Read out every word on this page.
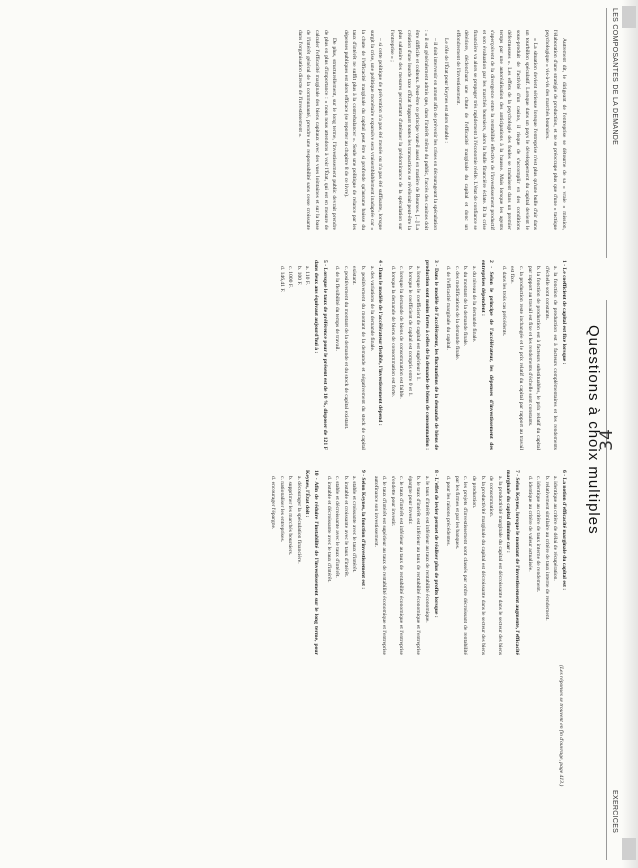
LES COMPOSANTES DE LA DEMANDE
EXERCICES

Autrement dit, le dirigeant de l'entreprise se détourne de sa « vraie » mission, l'élaboration d'une stratégie de production, et ne se préoccupe plus que d'une « tactique psychologique » vis-à-vis des marchés boursiers.

« La situation devient sérieuse lorsque l'entreprise n'est plus qu'une bulle d'air dans un tourbillon spéculatif. Lorsque dans un pays le développement du capital devient le sous-produit de l'activité d'un casino, il risque de s'accomplir en des conditions défectueuses ». Les effets de la psychologie des foules se traduisent dans un premier temps par une autoréalisation des anticipations à la hausse. Mais lorsque les agents s'aperçoivent de la divergence entre la rentabilité effective de l'investissement productif et son évaluation par les marchés boursiers, alors la bulle financière éclate. Et la crise financière va alors se propager très rapidement à l'économie réelle. L'état de confiance se détériore, déclenchant une chute de l'efficacité marginale du capital et donc un effondrement de l'investissement.

Le rôle de l'État pour Keynes est alors double :

– il doit intervenir en amont afin de prévenir les crises en décourageant la spéculation : « il est généralement admis que, dans l'intérêt même du public, l'accès des casinos doit être difficile et coûteux. Peut-être ce principe vaut-il aussi en matière de Bourses. [...] La création d'une lourde taxe d'État frappant toutes les transactions se révélerait peut-être la plus salutaire des mesures permettant d'atténuer la prédominance de la spéculation sur l'entreprise » ;

– si cette politique de prévention n'a pas été menée ou n'a pas été suffisante, lorsque surgit la crise, une politique monétaire expansive sera vraisemblablement inadaptée car « la chute de l'efficacité marginale du capital peut être si profonde qu'aucune baisse du taux d'intérêt ne suffit plus à la contrebalancer ». Seule une politique de relance par les dépenses publiques est alors efficace (se reporter au chapitre 8 de ce livre).

De plus, structurellement, sur le long terme, l'investissement public devrait prendre de plus en plus d'importance : « nous nous attendons à voir l'État, qui est en mesure de calculer l'efficacité marginale des biens capitaux avec des vues lointaines et sur la base de l'intérêt général de la communauté, prendre une responsabilité sans cesse croissante dans l'organisation directe de l'investissement ».

Questions à choix multiples
1 - Le coefficient de capital est fixe lorsque :
a. la fonction de production est à facteurs complémentaires et les rendements d'échelle sont constants.
b. la fonction de production est à facteurs substituables, le prix relatif du capital par rapport au travail est fixe et les rendements d'échelle sont constants.
c. la production reste inchangée et le prix relatif du capital par rapport au travail est fixe.
d. dans les trois cas précédents.
2 - Selon le principe de l'accélérateur, les dépenses d'investissement des entreprises dépendent :
a. du niveau de la demande finale.
b. du montant de la demande finale.
c. des modifications de la demande finale.
d. de l'efficacité marginale du capital.
3 - Dans le modèle de l'accélérateur, les fluctuations de la demande de biens de production sont moins fortes à celles de la demande de biens de consommation :
a. lorsque le coefficient de capital est supérieur à 1.
b. lorsque le coefficient de capital est compris entre 0 et 1.
c. lorsque la demande de biens de consommation est faible.
d. lorsque la demande de biens de consommation est forte.
4 - Dans le modèle de l'accélérateur flexible, l'investissement dépend :
a. des variations de la demande finale.
b. positivement du montant de la demande et négativement du stock de capital existant.
c. positivement du montant de la demande et du stock de capital existant.
d. de la flexibilité du temps de travail.
5 - Lorsque le taux de préférence pour le présent est de 10 %, disposer de 121 F dans deux ans équivaut aujourd'hui à :
a. 110 F.
b. 100 F.
c. 1000 F.
d. 146,41 F.
6 - La notion d'efficacité marginale du capital est :
a. identique au critère de délai de récupération.
b. relativement similaire au critère de taux interne de rendement.
c. identique au critère de taux interne de rendement.
d. identique au critère de valeur actualisée.
7 - Selon Keynes, lorsque le montant de l'investissement augmente, l'efficacité marginale du capital diminue car :
a. la productivité marginale du capital est décroissante dans le secteur des biens de consommation.
b. la productivité marginale du capital est décroissante dans le secteur des biens de production.
c. les projets d'investissement sont classés par ordre décroissant de rentabilité par les firmes et par les banques.
d. pour les raisons précédentes.
8 - L'effet de levier permet de réaliser plus de profits lorsque :
a. le taux d'intérêt est inférieur au taux de rentabilité économique.
b. le taux d'intérêt est inférieur au taux de rentabilité économique et l'entreprise épargne pour investir.
c. le taux d'intérêt est inférieur au taux de rentabilité économique et l'entreprise s'endette pour investir.
d. le taux d'intérêt est supérieur au taux de rentabilité économique et l'entreprise autofinance son investissement.
9 - Selon Keynes, la fonction d'investissement est :
a. stable et croissante avec le taux d'intérêt.
b. instable et croissante avec le taux d'intérêt.
c. stable et décroissante avec le taux d'intérêt.
d. instable et décroissante avec le taux d'intérêt.
10 - Afin de réduire l'instabilité de l'investissement sur le long terme, pour Keynes, l'État doit :
a. décourager la spéculation financière.
b. supprimer les marchés boursiers.
c. nationaliser les entreprises.
d. encourager l'épargne.
(Les réponses se trouvent en fin d'ouvrage, page 413.)
34
